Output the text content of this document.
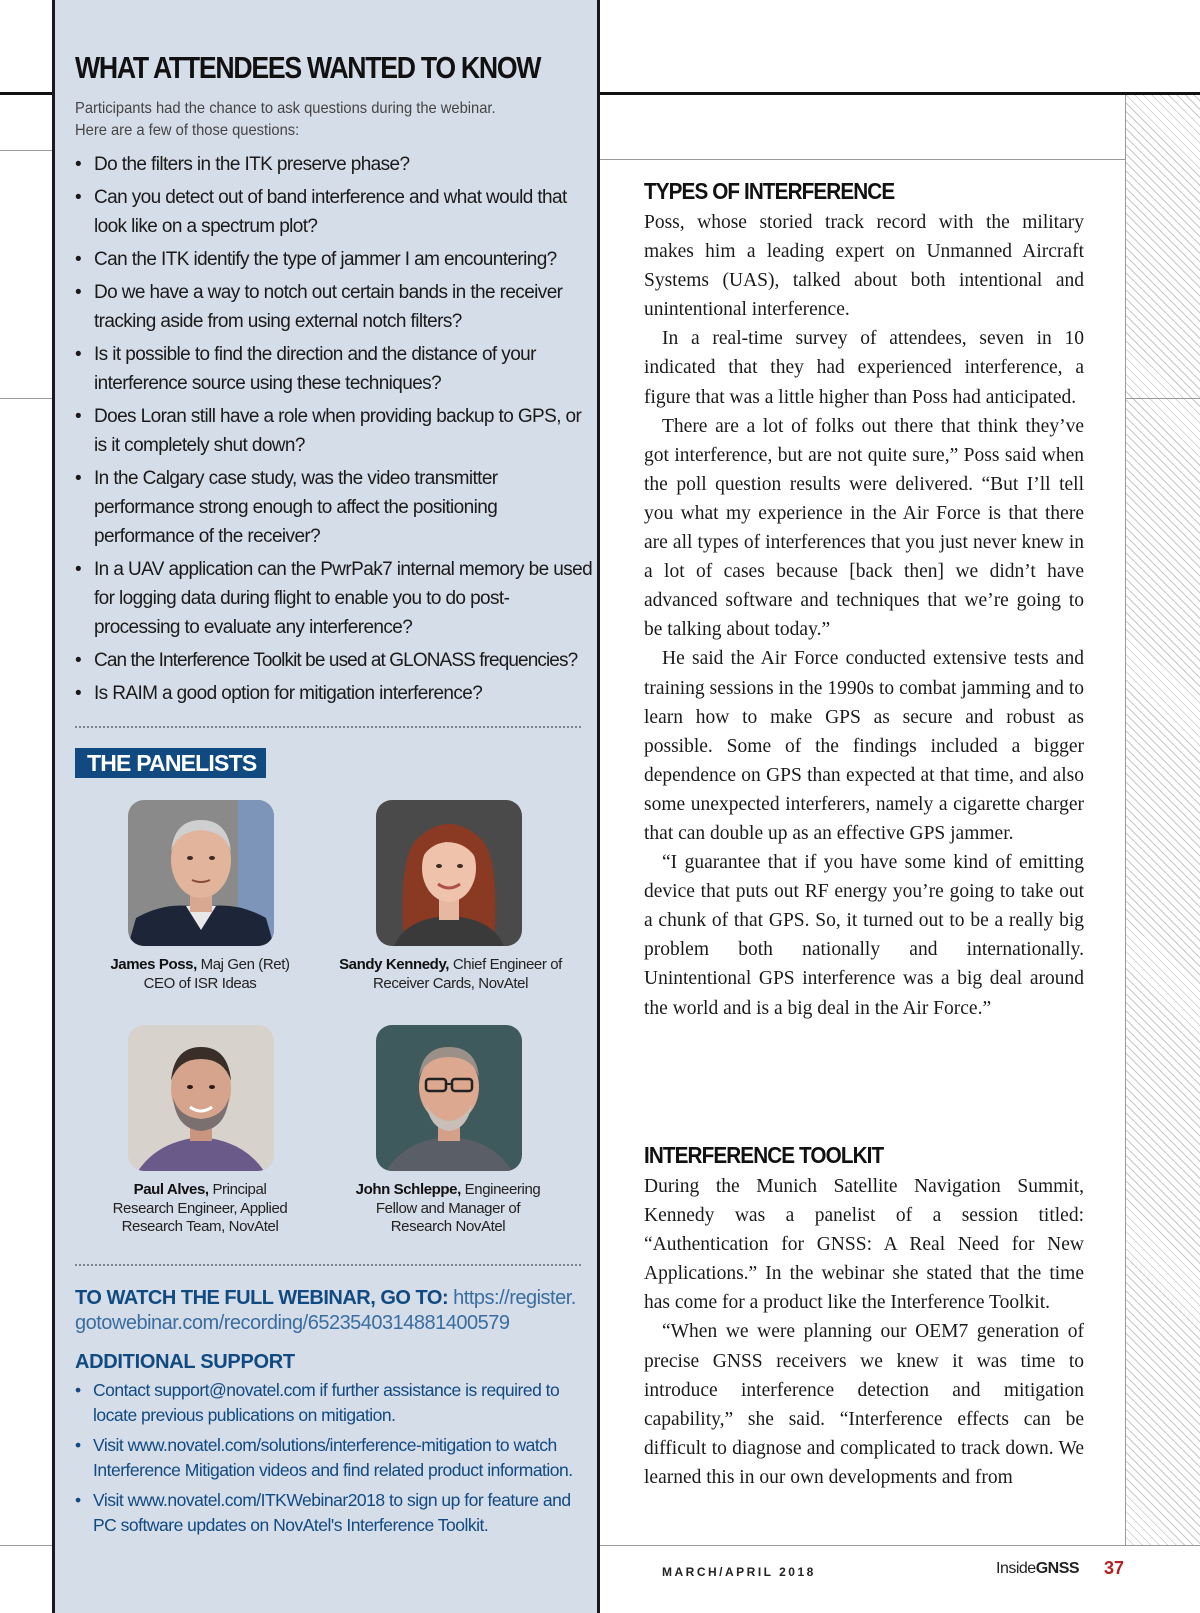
WHAT ATTENDEES WANTED TO KNOW
Participants had the chance to ask questions during the webinar.
Here are a few of those questions:
• Do the filters in the ITK preserve phase?
• Can you detect out of band interference and what would that look like on a spectrum plot?
• Can the ITK identify the type of jammer I am encountering?
• Do we have a way to notch out certain bands in the receiver tracking aside from using external notch filters?
• Is it possible to find the direction and the distance of your interference source using these techniques?
• Does Loran still have a role when providing backup to GPS, or is it completely shut down?
• In the Calgary case study, was the video transmitter performance strong enough to affect the positioning performance of the receiver?
• In a UAV application can the PwrPak7 internal memory be used for logging data during flight to enable you to do post-processing to evaluate any interference?
• Can the Interference Toolkit be used at GLONASS frequencies?
• Is RAIM a good option for mitigation interference?
THE PANELISTS
James Poss, Maj Gen (Ret)
CEO of ISR Ideas
Sandy Kennedy, Chief Engineer of
Receiver Cards, NovAtel
Paul Alves, Principal
Research Engineer, Applied
Research Team, NovAtel
John Schleppe, Engineering
Fellow and Manager of
Research NovAtel
TO WATCH THE FULL WEBINAR, GO TO: https://register.
gotowebinar.com/recording/6523540314881400579
ADDITIONAL SUPPORT
• Contact support@novatel.com if further assistance is required to locate previous publications on mitigation.
• Visit www.novatel.com/solutions/interference-mitigation to watch Interference Mitigation videos and find related product information.
• Visit www.novatel.com/ITKWebinar2018 to sign up for feature and PC software updates on NovAtel's Interference Toolkit.
TYPES OF INTERFERENCE

Poss, whose storied track record with the military makes him a leading expert on Unmanned Aircraft Systems (UAS), talked about both intentional and unintentional interference.

In a real-time survey of attendees, seven in 10 indicated that they had experienced interference, a figure that was a little higher than Poss had anticipated.

There are a lot of folks out there that think they’ve got interference, but are not quite sure,” Poss said when the poll question results were delivered. “But I’ll tell you what my experience in the Air Force is that there are all types of interferences that you just never knew in a lot of cases because [back then] we didn’t have advanced software and techniques that we’re going to be talking about today.”

He said the Air Force conducted extensive tests and training sessions in the 1990s to combat jamming and to learn how to make GPS as secure and robust as possible. Some of the findings included a bigger dependence on GPS than expected at that time, and also some unexpected interferers, namely a cigarette charger that can double up as an effective GPS jammer.

“I guarantee that if you have some kind of emitting device that puts out RF energy you’re going to take out a chunk of that GPS. So, it turned out to be a really big problem both nationally and internationally. Unintentional GPS interference was a big deal around the world and is a big deal in the Air Force.”

INTERFERENCE TOOLKIT

During the Munich Satellite Navigation Summit, Kennedy was a panelist of a session titled: “Authentication for GNSS: A Real Need for New Applications.” In the webinar she stated that the time has come for a product like the Interference Toolkit.

“When we were planning our OEM7 generation of precise GNSS receivers we knew it was time to introduce interference detection and mitigation capability,” she said. “Interference effects can be difficult to diagnose and complicated to track down. We learned this in our own developments and from

MARCH/APRIL 2018	InsideGNSS 37
